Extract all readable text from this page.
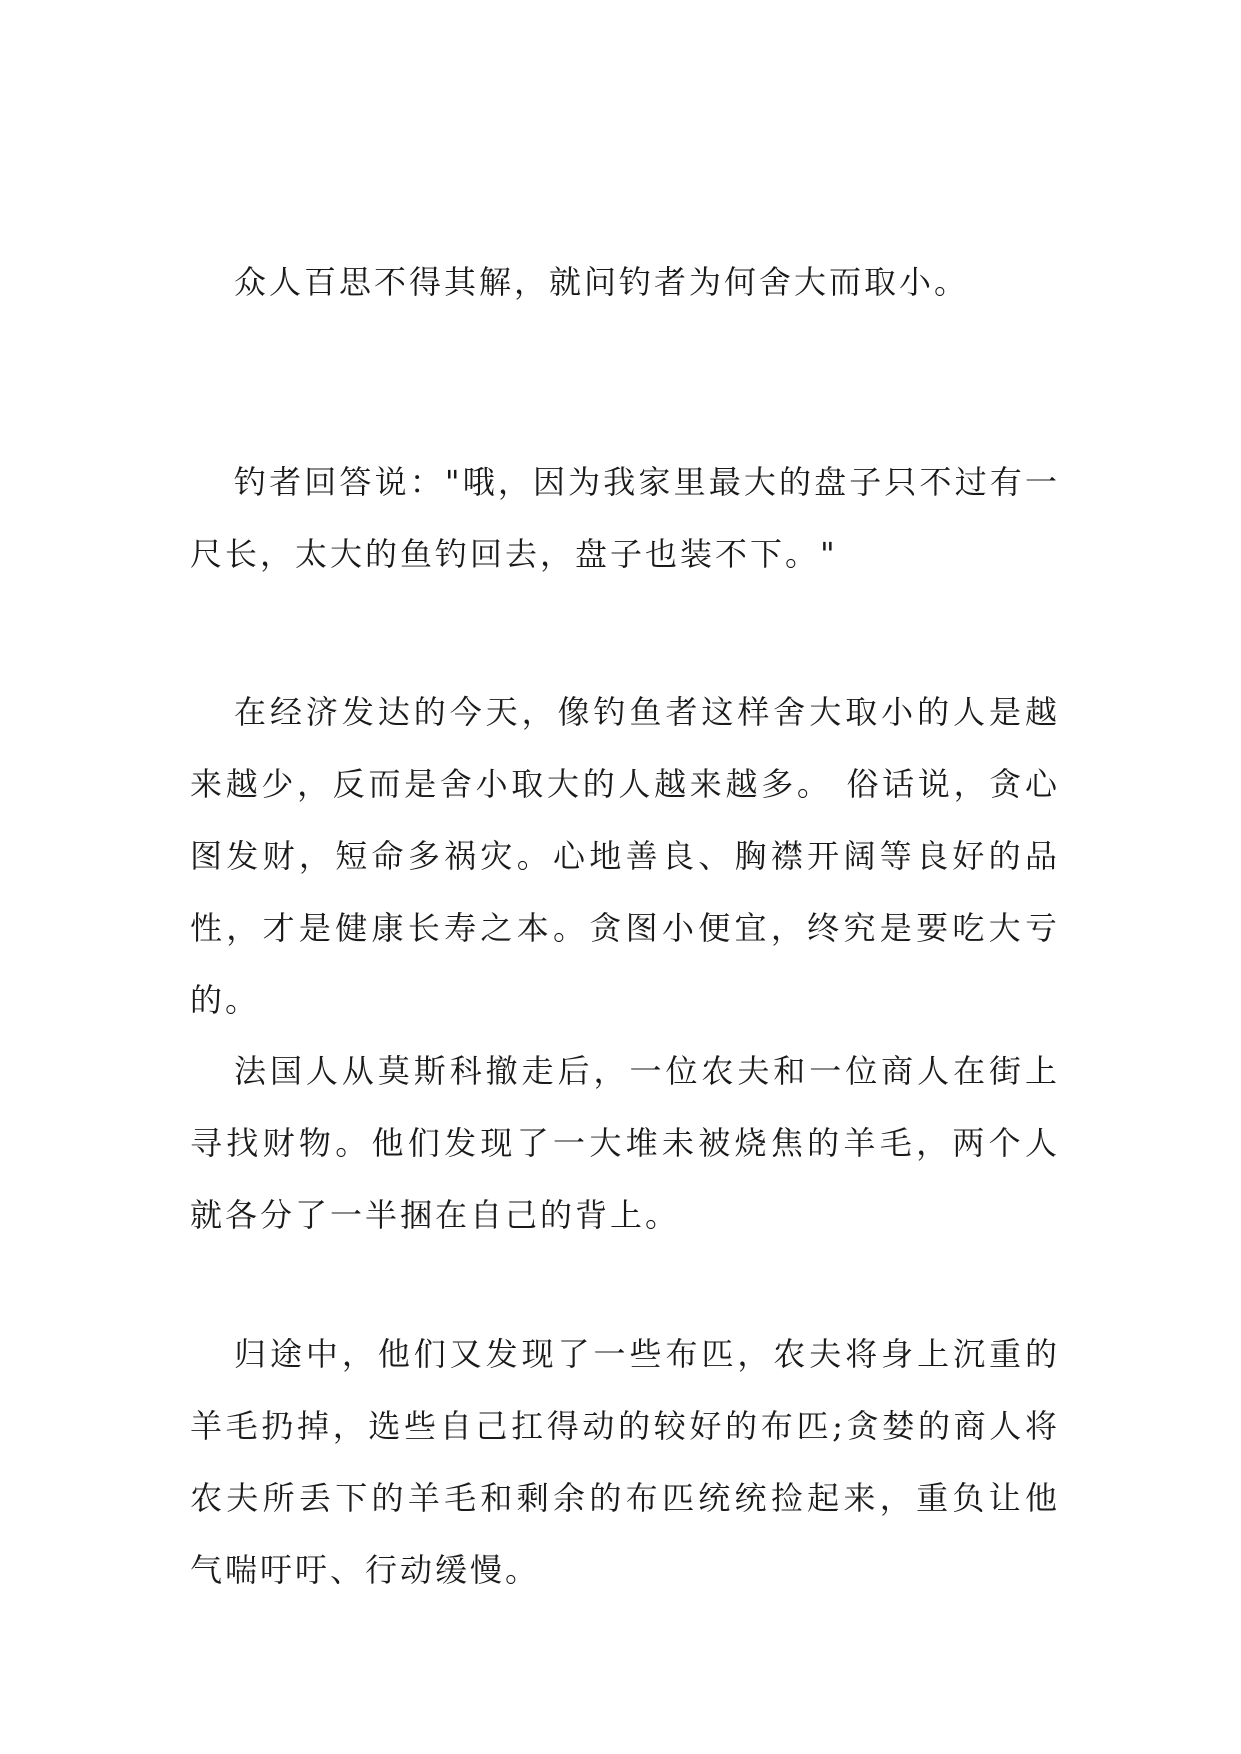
众人百思不得其解，就问钓者为何舍大而取小。

钓者回答说："哦，因为我家里最大的盘子只不过有一尺长，太大的鱼钓回去，盘子也装不下。"

在经济发达的今天，像钓鱼者这样舍大取小的人是越来越少，反而是舍小取大的人越来越多。 俗话说，贪心图发财，短命多祸灾。心地善良、胸襟开阔等良好的品性，才是健康长寿之本。贪图小便宜，终究是要吃大亏的。

法国人从莫斯科撤走后，一位农夫和一位商人在街上寻找财物。他们发现了一大堆未被烧焦的羊毛，两个人就各分了一半捆在自己的背上。

归途中，他们又发现了一些布匹，农夫将身上沉重的羊毛扔掉，选些自己扛得动的较好的布匹;贪婪的商人将农夫所丢下的羊毛和剩余的布匹统统捡起来，重负让他气喘吁吁、行动缓慢。
